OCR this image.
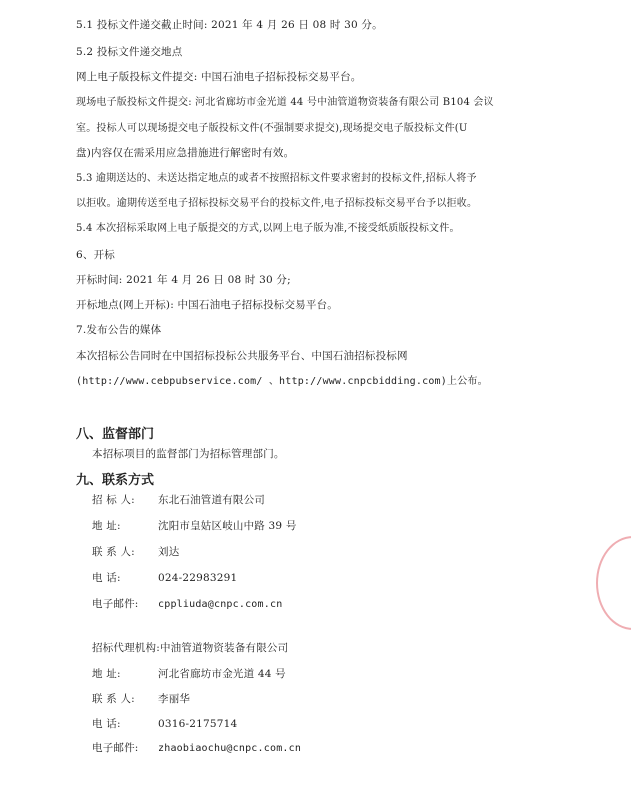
5.1 投标文件递交截止时间: 2021 年 4 月 26 日 08 时 30 分。
5.2 投标文件递交地点
网上电子版投标文件提交: 中国石油电子招标投标交易平台。
现场电子版投标文件提交: 河北省廊坊市金光道 44 号中油管道物资装备有限公司 B104 会议
室。投标人可以现场提交电子版投标文件(不强制要求提交),现场提交电子版投标文件(U
盘)内容仅在需采用应急措施进行解密时有效。
5.3 逾期送达的、未送达指定地点的或者不按照招标文件要求密封的投标文件,招标人将予
以拒收。逾期传送至电子招标投标交易平台的投标文件,电子招标投标交易平台予以拒收。
5.4 本次招标采取网上电子版提交的方式,以网上电子版为准,不接受纸质版投标文件。
6、开标
开标时间: 2021 年 4 月 26 日 08 时 30 分;
开标地点(网上开标): 中国石油电子招标投标交易平台。
7.发布公告的媒体
本次招标公告同时在中国招标投标公共服务平台、中国石油招标投标网
(http://www.cebpubservice.com/ 、http://www.cnpcbidding.com)上公布。
八、监督部门
本招标项目的监督部门为招标管理部门。
九、联系方式
招 标 人: 东北石油管道有限公司
地 址:	沈阳市皇姑区岐山中路 39 号
联 系 人: 刘达
电 话:	024-22983291
电子邮件: cppliuda@cnpc.com.cn
招标代理机构:中油管道物资装备有限公司
地 址:	河北省廊坊市金光道 44 号
联 系 人: 李丽华
电 话:	0316-2175714
电子邮件: zhaobiaochu@cnpc.com.cn
